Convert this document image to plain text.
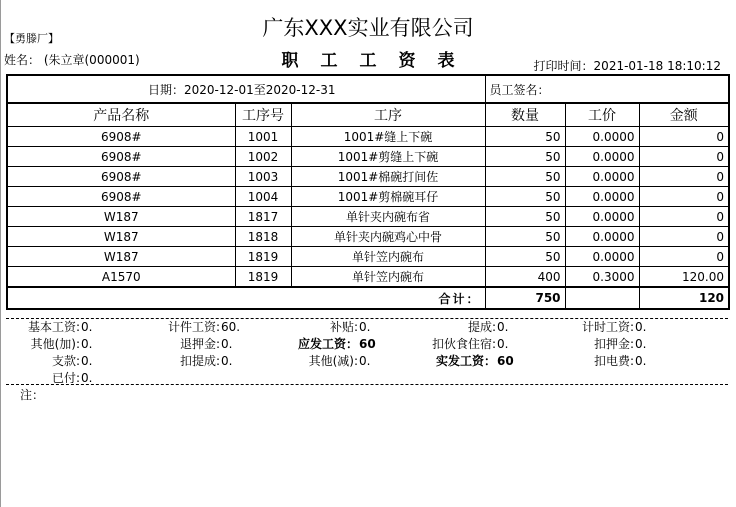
广东XXX实业有限公司
职工工资表
【勇滕厂】
姓名： (朱立章(000001)	打印时间：2021-01-18 18:10:12
日期：2020-12-01至2020-12-31			员工签名：		
产品名称	工序号	工序	数量	工价	金额
6908#	1001	1001#缝上下碗	50	0.0000	0
6908#	1002	1001#剪缝上下碗	50	0.0000	0
6908#	1003	1001#棉碗打间佐	50	0.0000	0
6908#	1004	1001#剪棉碗耳仔	50	0.0000	0
W187	1817	单针夹内碗布省	50	0.0000	0
W187	1818	单针夹内碗鸡心中骨	50	0.0000	0
W187	1819	单针笠内碗布	50	0.0000	0
A1570	1819	单针笠内碗布	400	0.3000	120.00
合计：			750		120
基本工资:0.	计件工资:60.	补贴:0.	提成:0.	计时工资:0.
其他(加):0.	退押金:0.	应发工资：60	扣伙食住宿:0.	扣押金:0.
支款:0.	扣提成:0.	其他(减):0.	实发工资：60	扣电费:0.
已付:0.
注：
